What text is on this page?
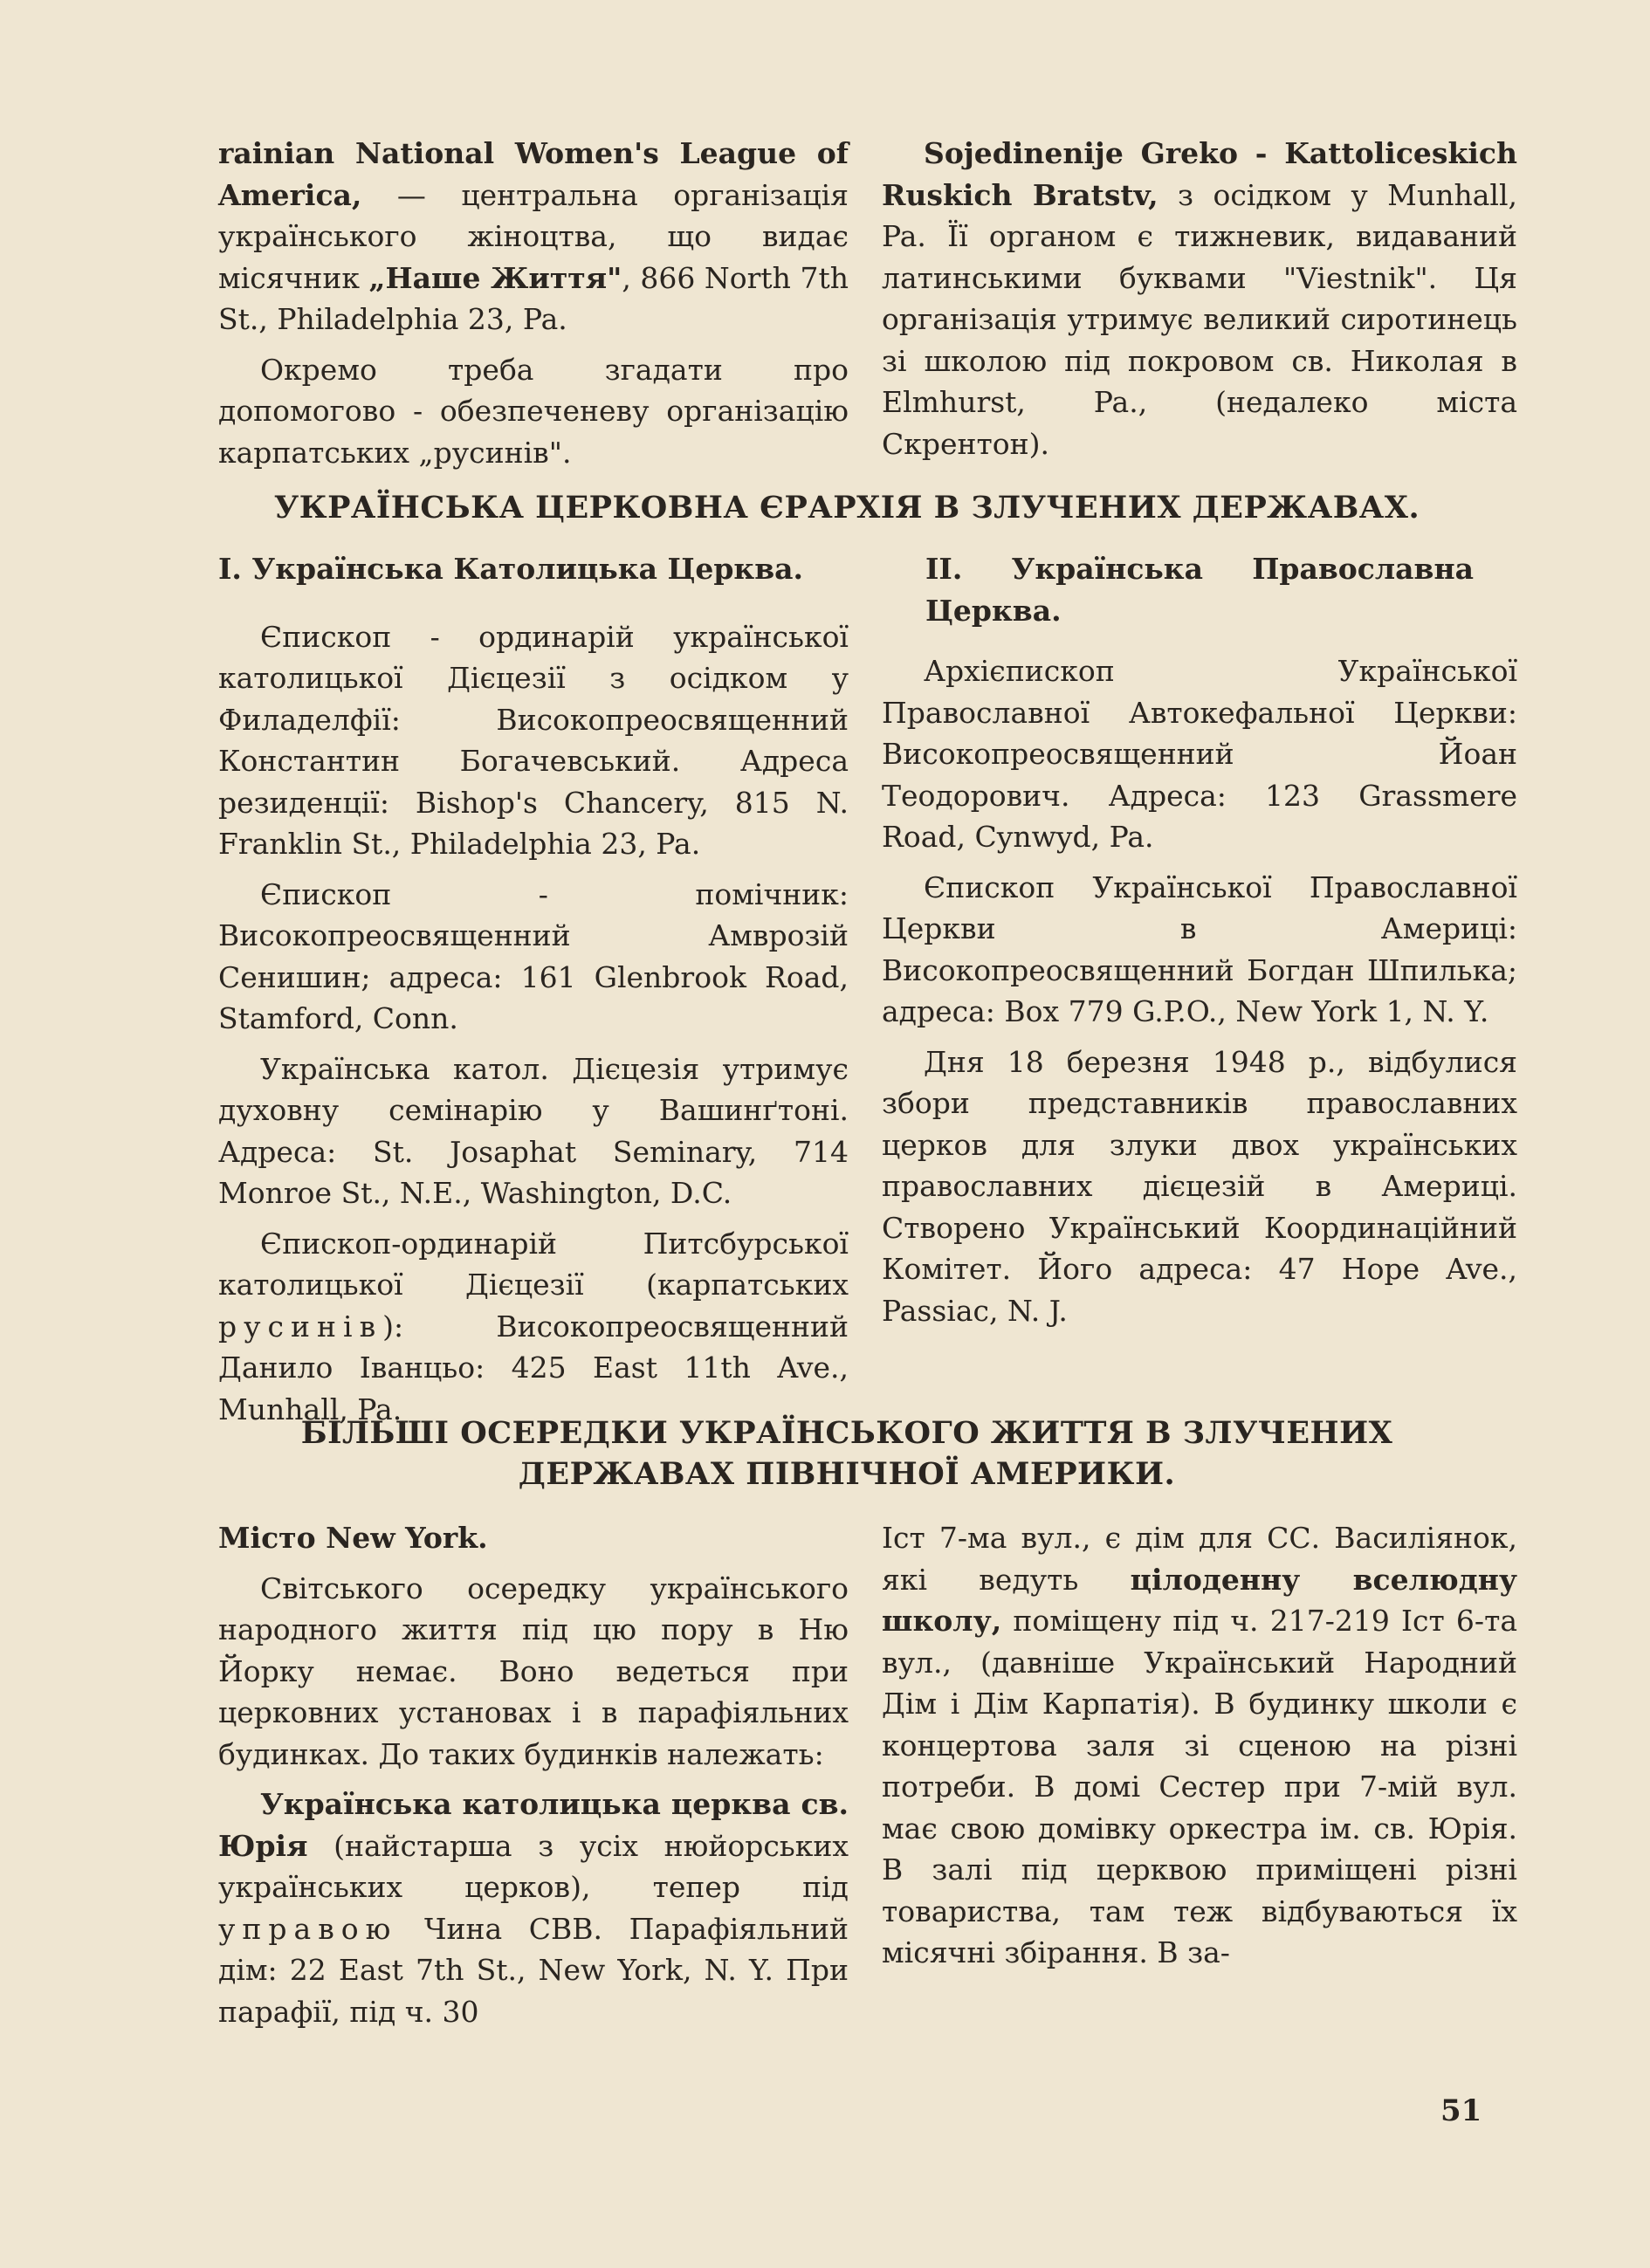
rainian National Women's League of America, — центральна організація українського жіноцтва, що видає місячник „Наше Життя", 866 North 7th St., Philadelphia 23, Pa.

Окремо треба згадати про допомогово - обезпеченеву організацію карпатських „русинів".

Sojedinenije Greko - Kattoliceskich Ruskich Bratstv, з осідком у Munhall, Pa. Її органом є тижневик, видаваний латинськими буквами "Viestnik". Ця організація утримує великий сиротинець зі школою під покровом св. Николая в Elmhurst, Pa., (недалеко міста Скрентон).

УКРАЇНСЬКА ЦЕРКОВНА ЄРАРХІЯ В ЗЛУЧЕНИХ ДЕРЖАВАХ.

I. Українська Католицька Церква.

Єпископ - ординарій української католицької Дієцезії з осідком у Филаделфії: Високопреосвященний Константин Богачевський. Адреса резиденції: Bishop's Chancery, 815 N. Franklin St., Philadelphia 23, Pa.

Єпископ - помічник: Високопреосвященний Амврозій Сенишин; адреса: 161 Glenbrook Road, Stamford, Conn.

Українська катол. Дієцезія утримує духовну семінарію у Вашинґтоні. Адреса: St. Josaphat Seminary, 714 Monroe St., N.E., Washington, D.C.

Єпископ-ординарій Питсбурської католицької Дієцезії (карпатських русинів): Високопреосвященний Данило Іванцьо: 425 East 11th Ave., Munhall, Pa.

II. Українська Православна Церква.

Архієпископ Української Православної Автокефальної Церкви: Високопреосвященний Йоан Теодорович. Адреса: 123 Grassmere Road, Cynwyd, Pa.

Єпископ Української Православної Церкви в Америці: Високопреосвященний Богдан Шпилька; адреса: Box 779 G.P.O., New York 1, N. Y.

Дня 18 березня 1948 р., відбулися збори представників православних церков для злуки двох українських православних дієцезій в Америці. Створено Український Координаційний Комітет. Його адреса: 47 Hope Ave., Passiac, N. J.

БІЛЬШІ ОСЕРЕДКИ УКРАЇНСЬКОГО ЖИТТЯ В ЗЛУЧЕНИХ
ДЕРЖАВАХ ПІВНІЧНОЇ АМЕРИКИ.

Місто New York.

Світського осередку українського народного життя під цю пору в Ню Йорку немає. Воно ведеться при церковних установах і в парафіяльних будинках. До таких будинків належать:

Українська католицька церква св. Юрія (найстарша з усіх нюйорських українських церков), тепер під управою Чина СВВ. Парафіяльний дім: 22 East 7th St., New York, N. Y. При парафії, під ч. 30

Іст 7-ма вул., є дім для СС. Василіянок, які ведуть цілоденну вселюдну школу, поміщену під ч. 217-219 Іст 6-та вул., (давніше Український Народний Дім і Дім Карпатія). В будинку школи є концертова заля зі сценою на різні потреби. В домі Сестер при 7-мій вул. має свою домівку оркестра ім. св. Юрія. В залі під церквою приміщені різні товариства, там теж відбуваються їх місячні збірання. В за-

51
